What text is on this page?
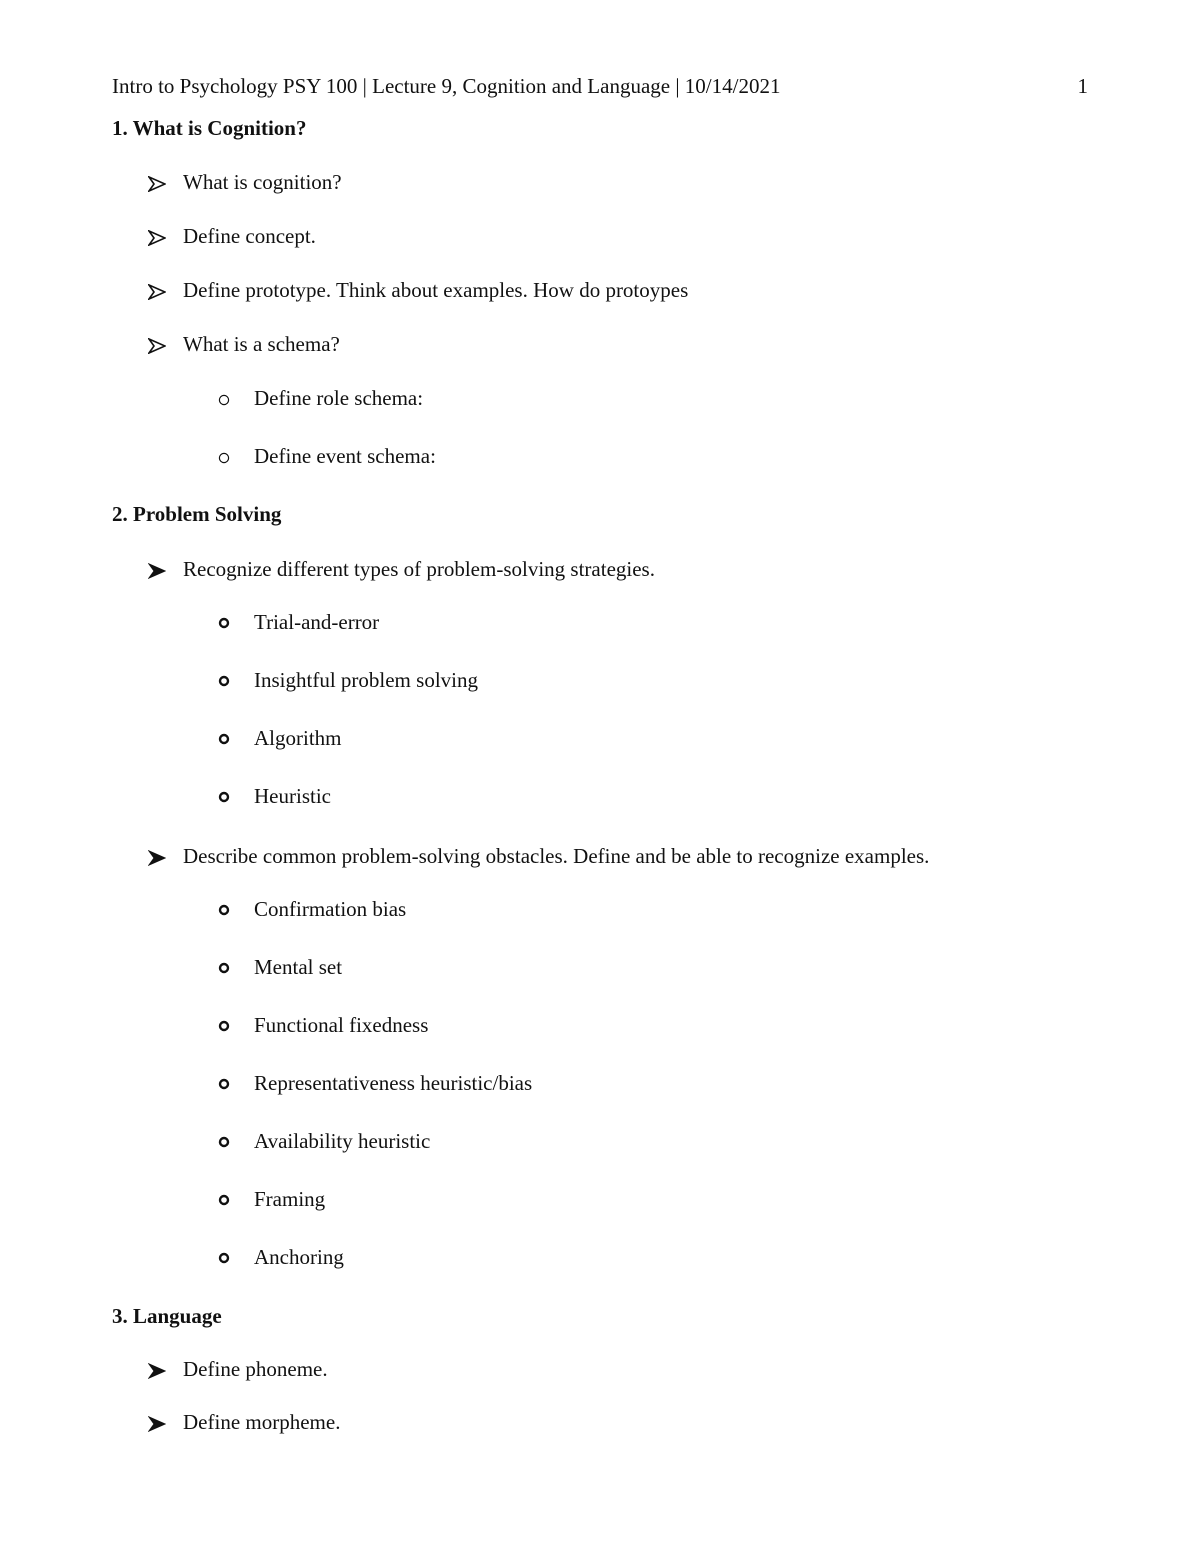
Intro to Psychology PSY 100 | Lecture 9, Cognition and Language | 10/14/2021	1
1. What is Cognition?
What is cognition?
Define concept.
Define prototype. Think about examples. How do protoypes
What is a schema?
Define role schema:
Define event schema:
2. Problem Solving
Recognize different types of problem-solving strategies.
Trial-and-error
Insightful problem solving
Algorithm
Heuristic
Describe common problem-solving obstacles. Define and be able to recognize examples.
Confirmation bias
Mental set
Functional fixedness
Representativeness heuristic/bias
Availability heuristic
Framing
Anchoring
3. Language
Define phoneme.
Define morpheme.
